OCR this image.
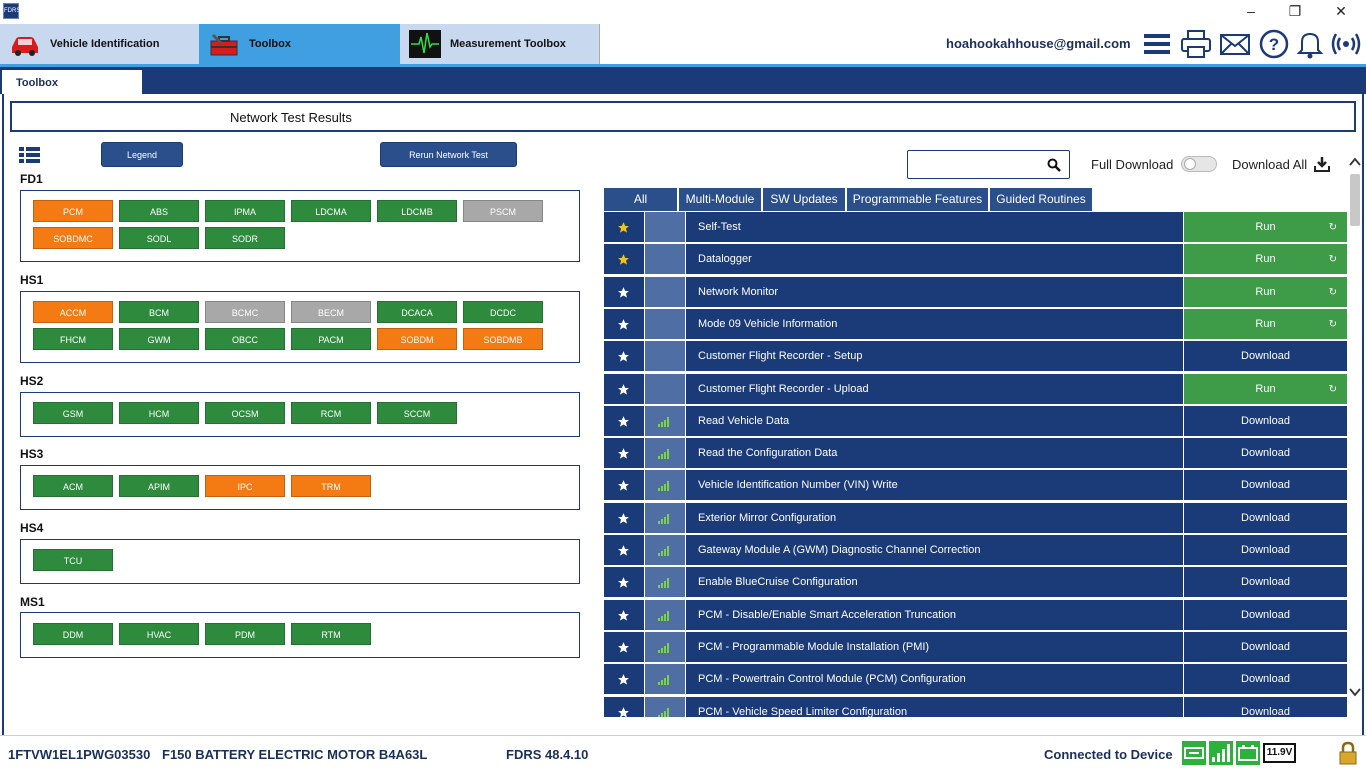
FDRS	–	❐	✕
Vehicle Identification	Toolbox	Measurement Toolbox	hoahookahhouse@gmail.com	?
Toolbox
Network Test Results
Legend	Rerun Network Test
FD1
PCM	ABS	IPMA	LDCMA	LDCMB	PSCM
SOBDMC	SODL	SODR
HS1
ACCM	BCM	BCMC	BECM	DCACA	DCDC
FHCM	GWM	OBCC	PACM	SOBDM	SOBDMB
HS2
GSM	HCM	OCSM	RCM	SCCM
HS3
ACM	APIM	IPC	TRM
HS4
TCU
MS1
DDM	HVAC	PDM	RTM
Full Download	Download All
All	Multi-Module	SW Updates	Programmable Features	Guided Routines
Self-Test	Run	↻
Datalogger	Run	↻
Network Monitor	Run	↻
Mode 09 Vehicle Information	Run	↻
Customer Flight Recorder - Setup	Download
Customer Flight Recorder - Upload	Run	↻
Read Vehicle Data	Download
Read the Configuration Data	Download
Vehicle Identification Number (VIN) Write	Download
Exterior Mirror Configuration	Download
Gateway Module A (GWM) Diagnostic Channel Correction	Download
Enable BlueCruise Configuration	Download
PCM - Disable/Enable Smart Acceleration Truncation	Download
PCM - Programmable Module Installation (PMI)	Download
PCM - Powertrain Control Module (PCM) Configuration	Download
PCM - Vehicle Speed Limiter Configuration	Download
1FTVW1EL1PWG03530 F150 BATTERY ELECTRIC MOTOR B4A63L	FDRS 48.4.10	Connected to Device	11.9V
